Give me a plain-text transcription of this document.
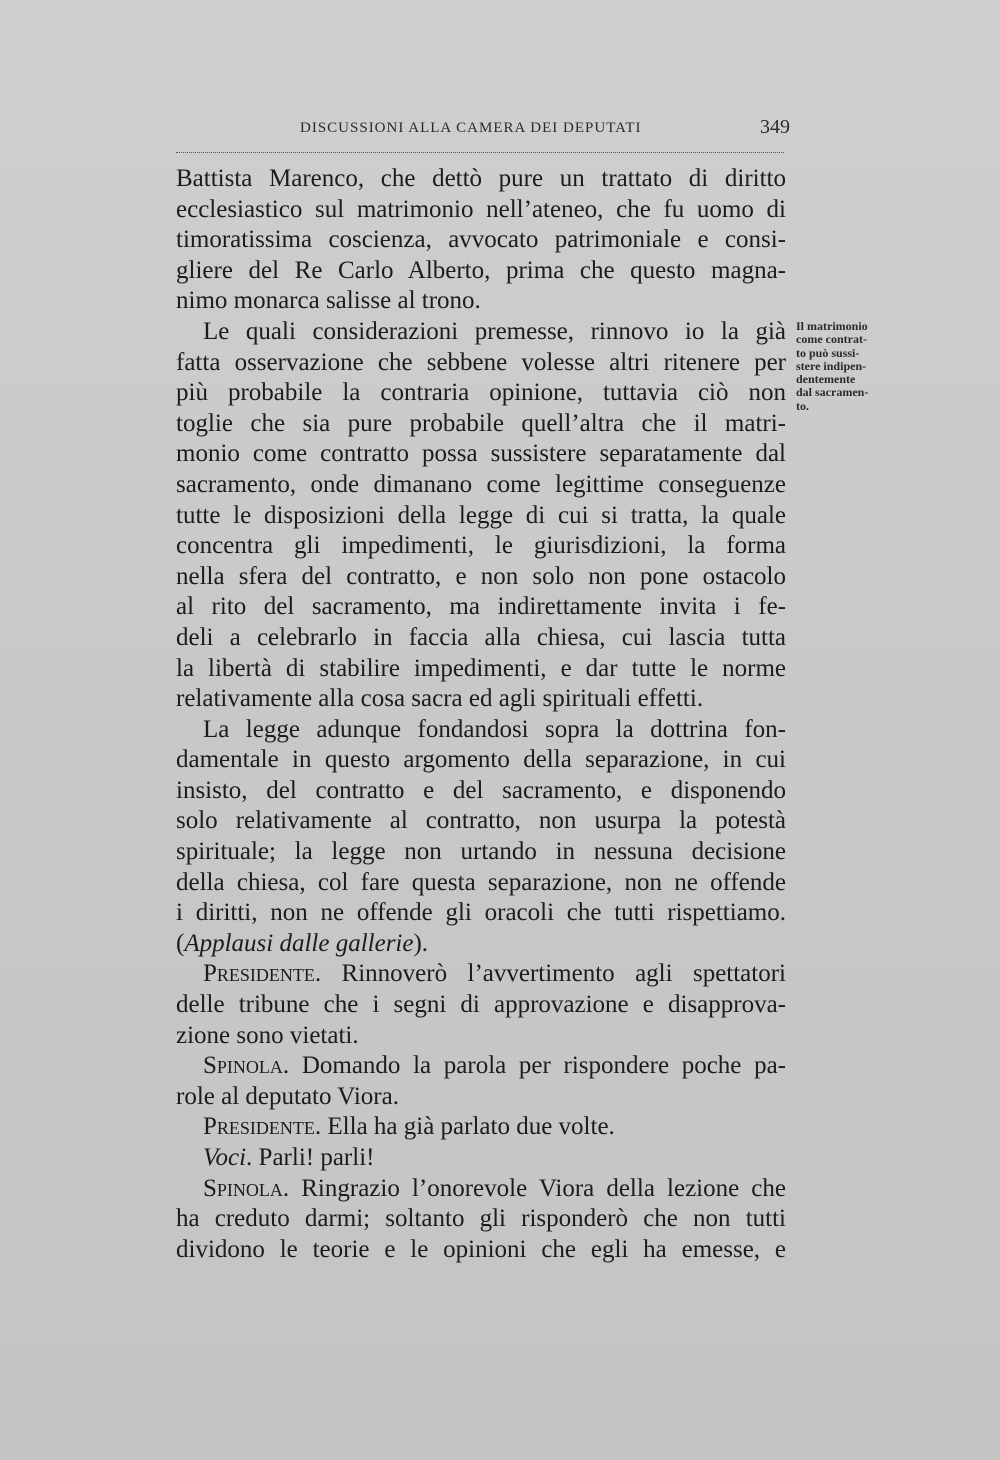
DISCUSSIONI ALLA CAMERA DEI DEPUTATI	349
Il matrimonio
come contrat-
to può sussi-
stere indipen-
dentemente
dal sacramen-
to.
Battista Marenco, che dettò pure un trattato di diritto
ecclesiastico sul matrimonio nell’ateneo, che fu uomo di
timoratissima coscienza, avvocato patrimoniale e consi-
gliere del Re Carlo Alberto, prima che questo magna-
nimo monarca salisse al trono.
Le quali considerazioni premesse, rinnovo io la già
fatta osservazione che sebbene volesse altri ritenere per
più probabile la contraria opinione, tuttavia ciò non
toglie che sia pure probabile quell’altra che il matri-
monio come contratto possa sussistere separatamente dal
sacramento, onde dimanano come legittime conseguenze
tutte le disposizioni della legge di cui si tratta, la quale
concentra gli impedimenti, le giurisdizioni, la forma
nella sfera del contratto, e non solo non pone ostacolo
al rito del sacramento, ma indirettamente invita i fe-
deli a celebrarlo in faccia alla chiesa, cui lascia tutta
la libertà di stabilire impedimenti, e dar tutte le norme
relativamente alla cosa sacra ed agli spirituali effetti.
La legge adunque fondandosi sopra la dottrina fon-
damentale in questo argomento della separazione, in cui
insisto, del contratto e del sacramento, e disponendo
solo relativamente al contratto, non usurpa la potestà
spirituale; la legge non urtando in nessuna decisione
della chiesa, col fare questa separazione, non ne offende
i diritti, non ne offende gli oracoli che tutti rispettiamo.
(Applausi dalle gallerie).
Presidente. Rinnoverò l’avvertimento agli spettatori
delle tribune che i segni di approvazione e disapprova-
zione sono vietati.
Spinola. Domando la parola per rispondere poche pa-
role al deputato Viora.
Presidente. Ella ha già parlato due volte.
Voci. Parli! parli!
Spinola. Ringrazio l’onorevole Viora della lezione che
ha creduto darmi; soltanto gli risponderò che non tutti
dividono le teorie e le opinioni che egli ha emesse, e
